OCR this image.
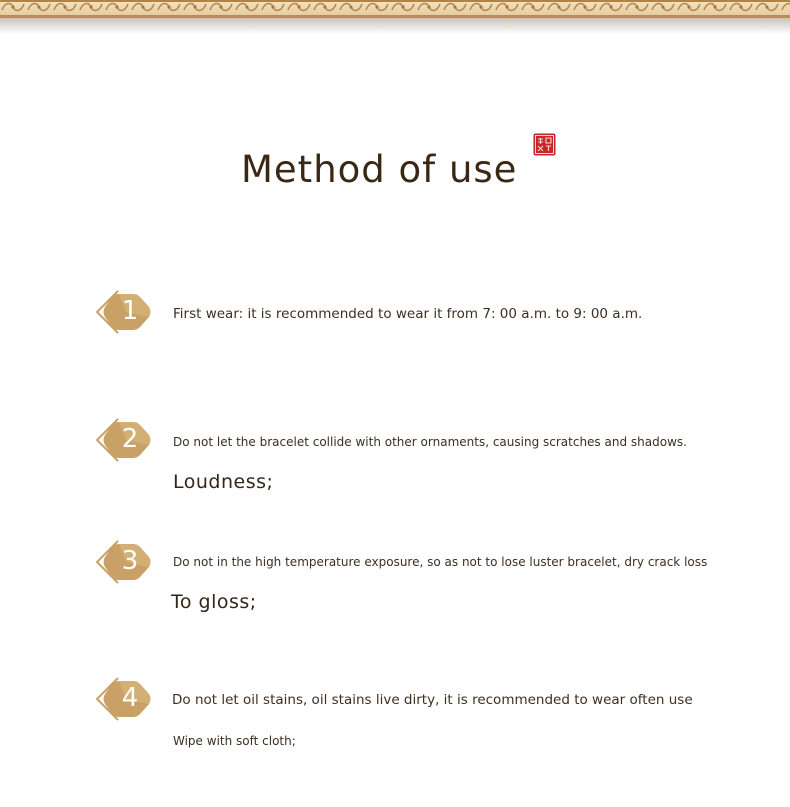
Method of use
1	First wear: it is recommended to wear it from 7: 00 a.m. to 9: 00 a.m.
2	Do not let the bracelet collide with other ornaments, causing scratches and shadows.
Loudness;
3	Do not in the high temperature exposure, so as not to lose luster bracelet, dry crack loss
To gloss;
4 Do not let oil stains, oil stains live dirty, it is recommended to wear often use
Wipe with soft cloth;
